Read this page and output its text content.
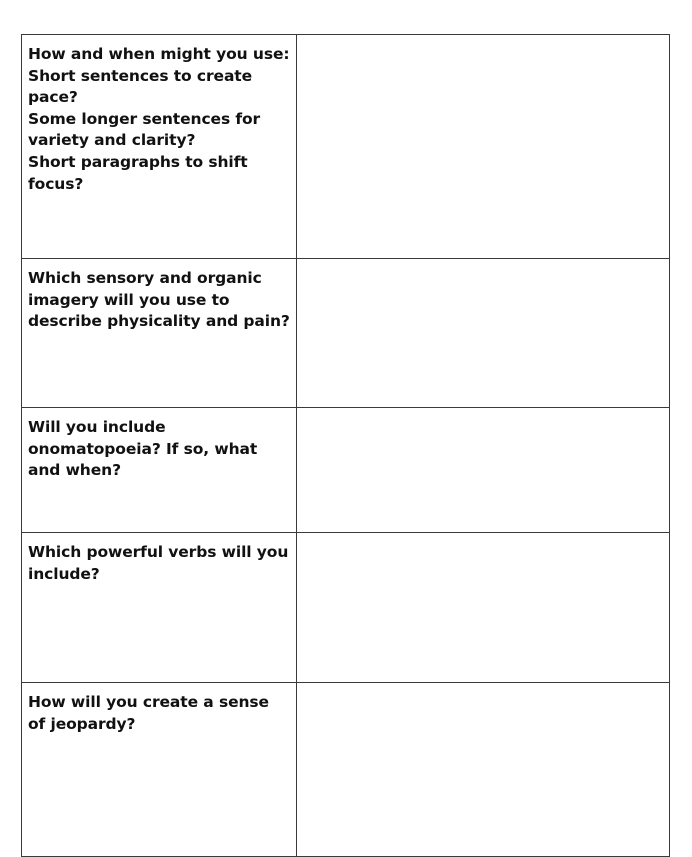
How and when might you use:
Short sentences to create pace?
Some longer sentences for variety and clarity?
Short paragraphs to shift focus?	
Which sensory and organic imagery will you use to describe physicality and pain?	
Will you include onomatopoeia? If so, what and when?	
Which powerful verbs will you include?	
How will you create a sense of jeopardy?	
